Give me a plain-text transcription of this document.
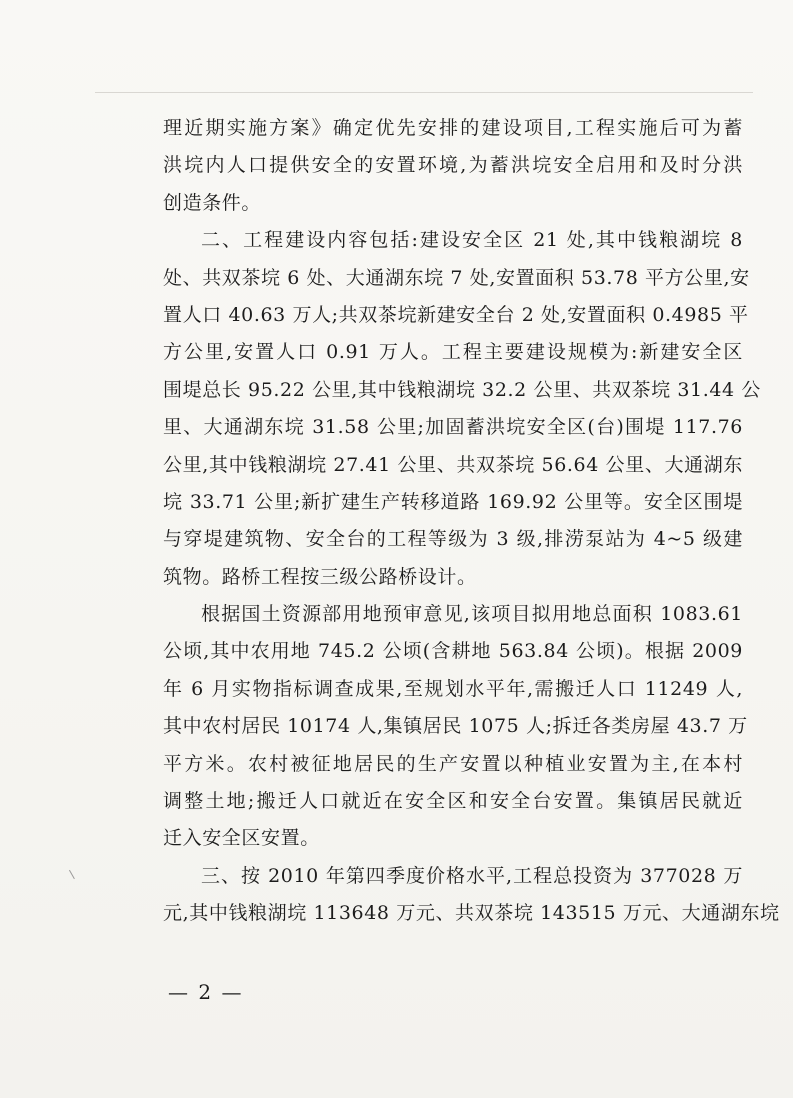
理近期实施方案》确定优先安排的建设项目,工程实施后可为蓄
洪垸内人口提供安全的安置环境,为蓄洪垸安全启用和及时分洪
创造条件。
二、工程建设内容包括:建设安全区 21 处,其中钱粮湖垸 8
处、共双茶垸 6 处、大通湖东垸 7 处,安置面积 53.78 平方公里,安
置人口 40.63 万人;共双茶垸新建安全台 2 处,安置面积 0.4985 平
方公里,安置人口 0.91 万人。工程主要建设规模为:新建安全区
围堤总长 95.22 公里,其中钱粮湖垸 32.2 公里、共双茶垸 31.44 公
里、大通湖东垸 31.58 公里;加固蓄洪垸安全区(台)围堤 117.76
公里,其中钱粮湖垸 27.41 公里、共双茶垸 56.64 公里、大通湖东
垸 33.71 公里;新扩建生产转移道路 169.92 公里等。安全区围堤
与穿堤建筑物、安全台的工程等级为 3 级,排涝泵站为 4~5 级建
筑物。路桥工程按三级公路桥设计。
根据国土资源部用地预审意见,该项目拟用地总面积 1083.61
公顷,其中农用地 745.2 公顷(含耕地 563.84 公顷)。根据 2009
年 6 月实物指标调查成果,至规划水平年,需搬迁人口 11249 人,
其中农村居民 10174 人,集镇居民 1075 人;拆迁各类房屋 43.7 万
平方米。农村被征地居民的生产安置以种植业安置为主,在本村
调整土地;搬迁人口就近在安全区和安全台安置。集镇居民就近
迁入安全区安置。
三、按 2010 年第四季度价格水平,工程总投资为 377028 万
元,其中钱粮湖垸 113648 万元、共双茶垸 143515 万元、大通湖东垸
— 2 —
